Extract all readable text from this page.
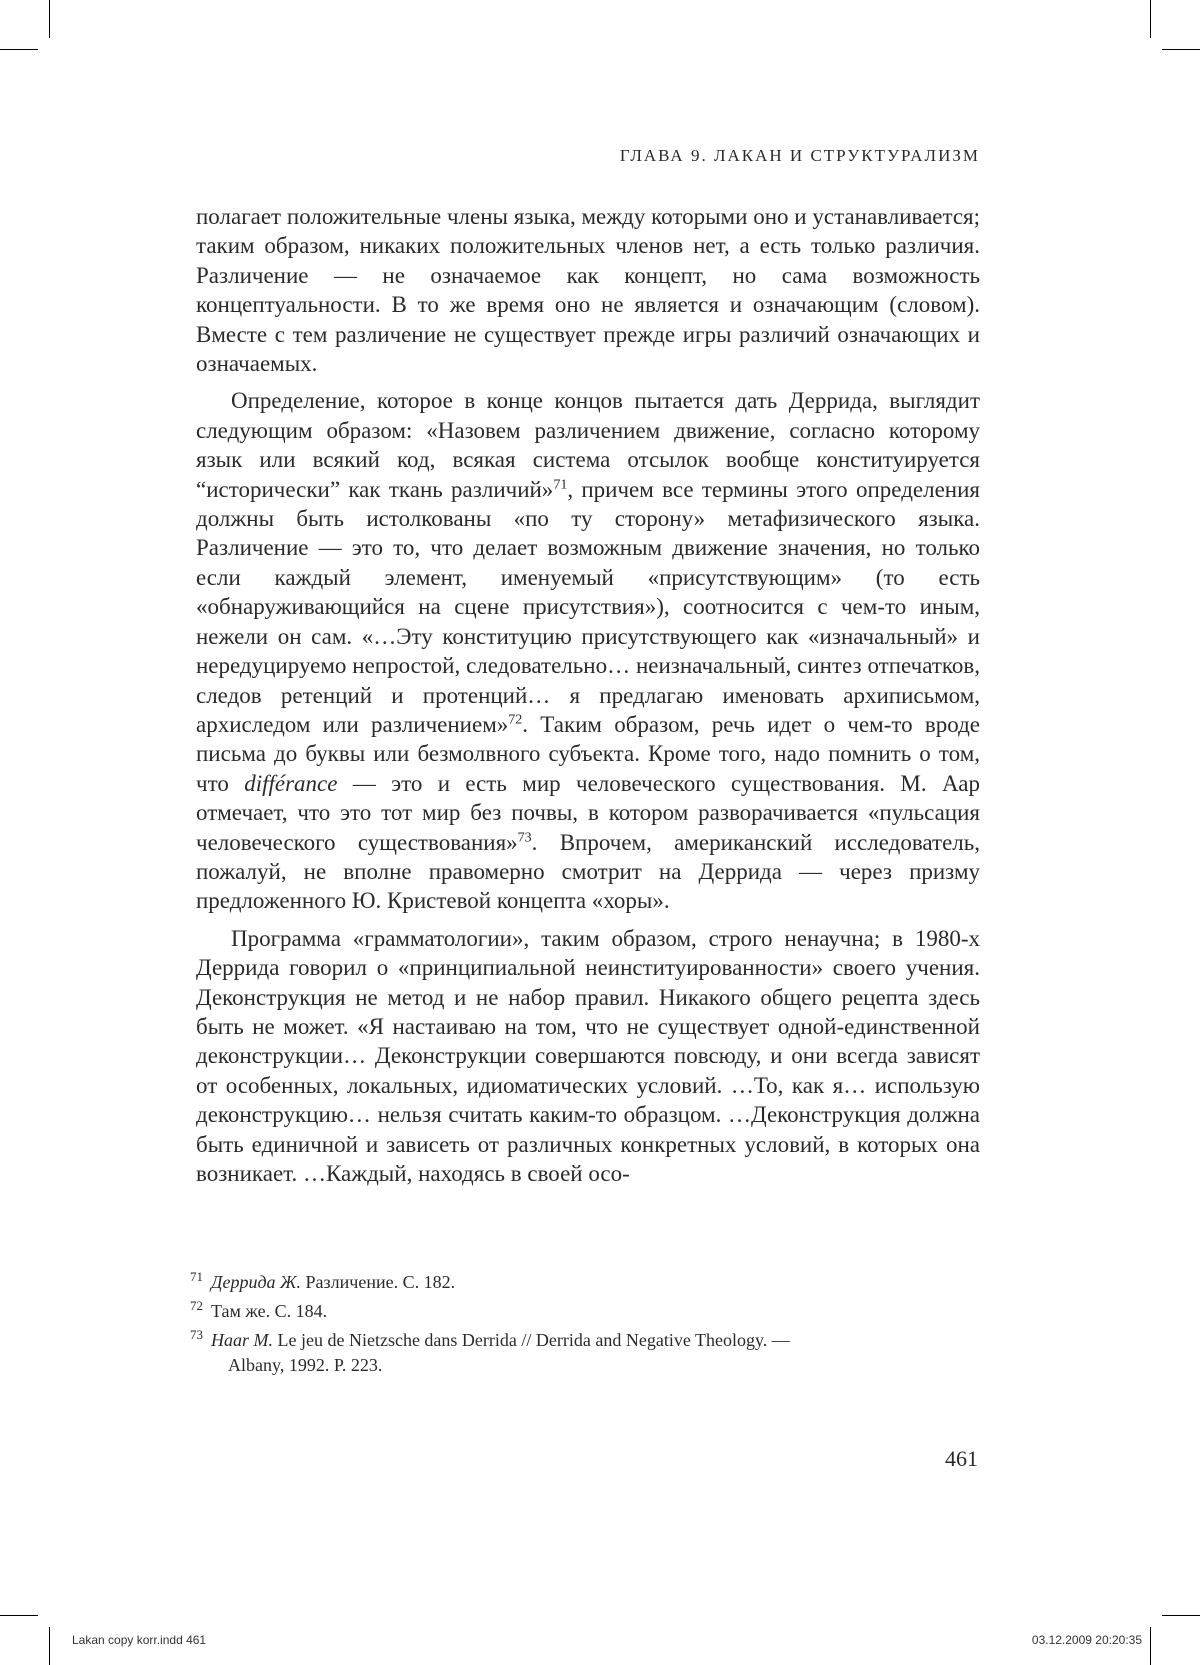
ГЛАВА 9. ЛАКАН И СТРУКТУРАЛИЗМ

полагает положительные члены языка, между которыми оно и устанавливается; таким образом, никаких положительных членов нет, а есть только различия. Различение — не означаемое как концепт, но сама возможность концептуальности. В то же время оно не является и означающим (словом). Вместе с тем различение не существует прежде игры различий означающих и означаемых.

Определение, которое в конце концов пытается дать Деррида, выглядит следующим образом: «Назовем различением движение, согласно которому язык или всякий код, всякая система отсылок вообще конституируется “исторически” как ткань различий»$^{71}$, причем все термины этого определения должны быть истолкованы «по ту сторону» метафизического языка. Различение — это то, что делает возможным движение значения, но только если каждый элемент, именуемый «присутствующим» (то есть «обнаруживающийся на сцене присутствия»), соотносится с чем-то иным, нежели он сам. «…Эту конституцию присутствующего как «изначальный» и нередуцируемо непростой, следовательно… неизначальный, синтез отпечатков, следов ретенций и протенций… я предлагаю именовать архиписьмом, архиследом или различением»$^{72}$. Таким образом, речь идет о чем-то вроде письма до буквы или безмолвного субъекта. Кроме того, надо помнить о том, что différance — это и есть мир человеческого существования. М. Аар отмечает, что это тот мир без почвы, в котором разворачивается «пульсация человеческого существования»$^{73}$. Впрочем, американский исследователь, пожалуй, не вполне правомерно смотрит на Деррида — через призму предложенного Ю. Кристевой концепта «хоры».

Программа «грамматологии», таким образом, строго ненаучна; в 1980-х Деррида говорил о «принципиальной неинституированности» своего учения. Деконструкция не метод и не набор правил. Никакого общего рецепта здесь быть не может. «Я настаиваю на том, что не существует одной-единственной деконструкции… Деконструкции совершаются повсюду, и они всегда зависят от особенных, локальных, идиоматических условий. …То, как я… использую деконструкцию… нельзя считать каким-то образцом. …Деконструкция должна быть единичной и зависеть от различных конкретных условий, в которых она возникает. …Каждый, находясь в своей осо-

$^{71}$ Деррида Ж. Различение. С. 182.
$^{72}$ Там же. С. 184.
$^{73}$ Haar M. Le jeu de Nietzsche dans Derrida // Derrida and Negative Theology. —
Albany, 1992. P. 223.
461
Lakan copy korr.indd 461	03.12.2009 20:20:35
